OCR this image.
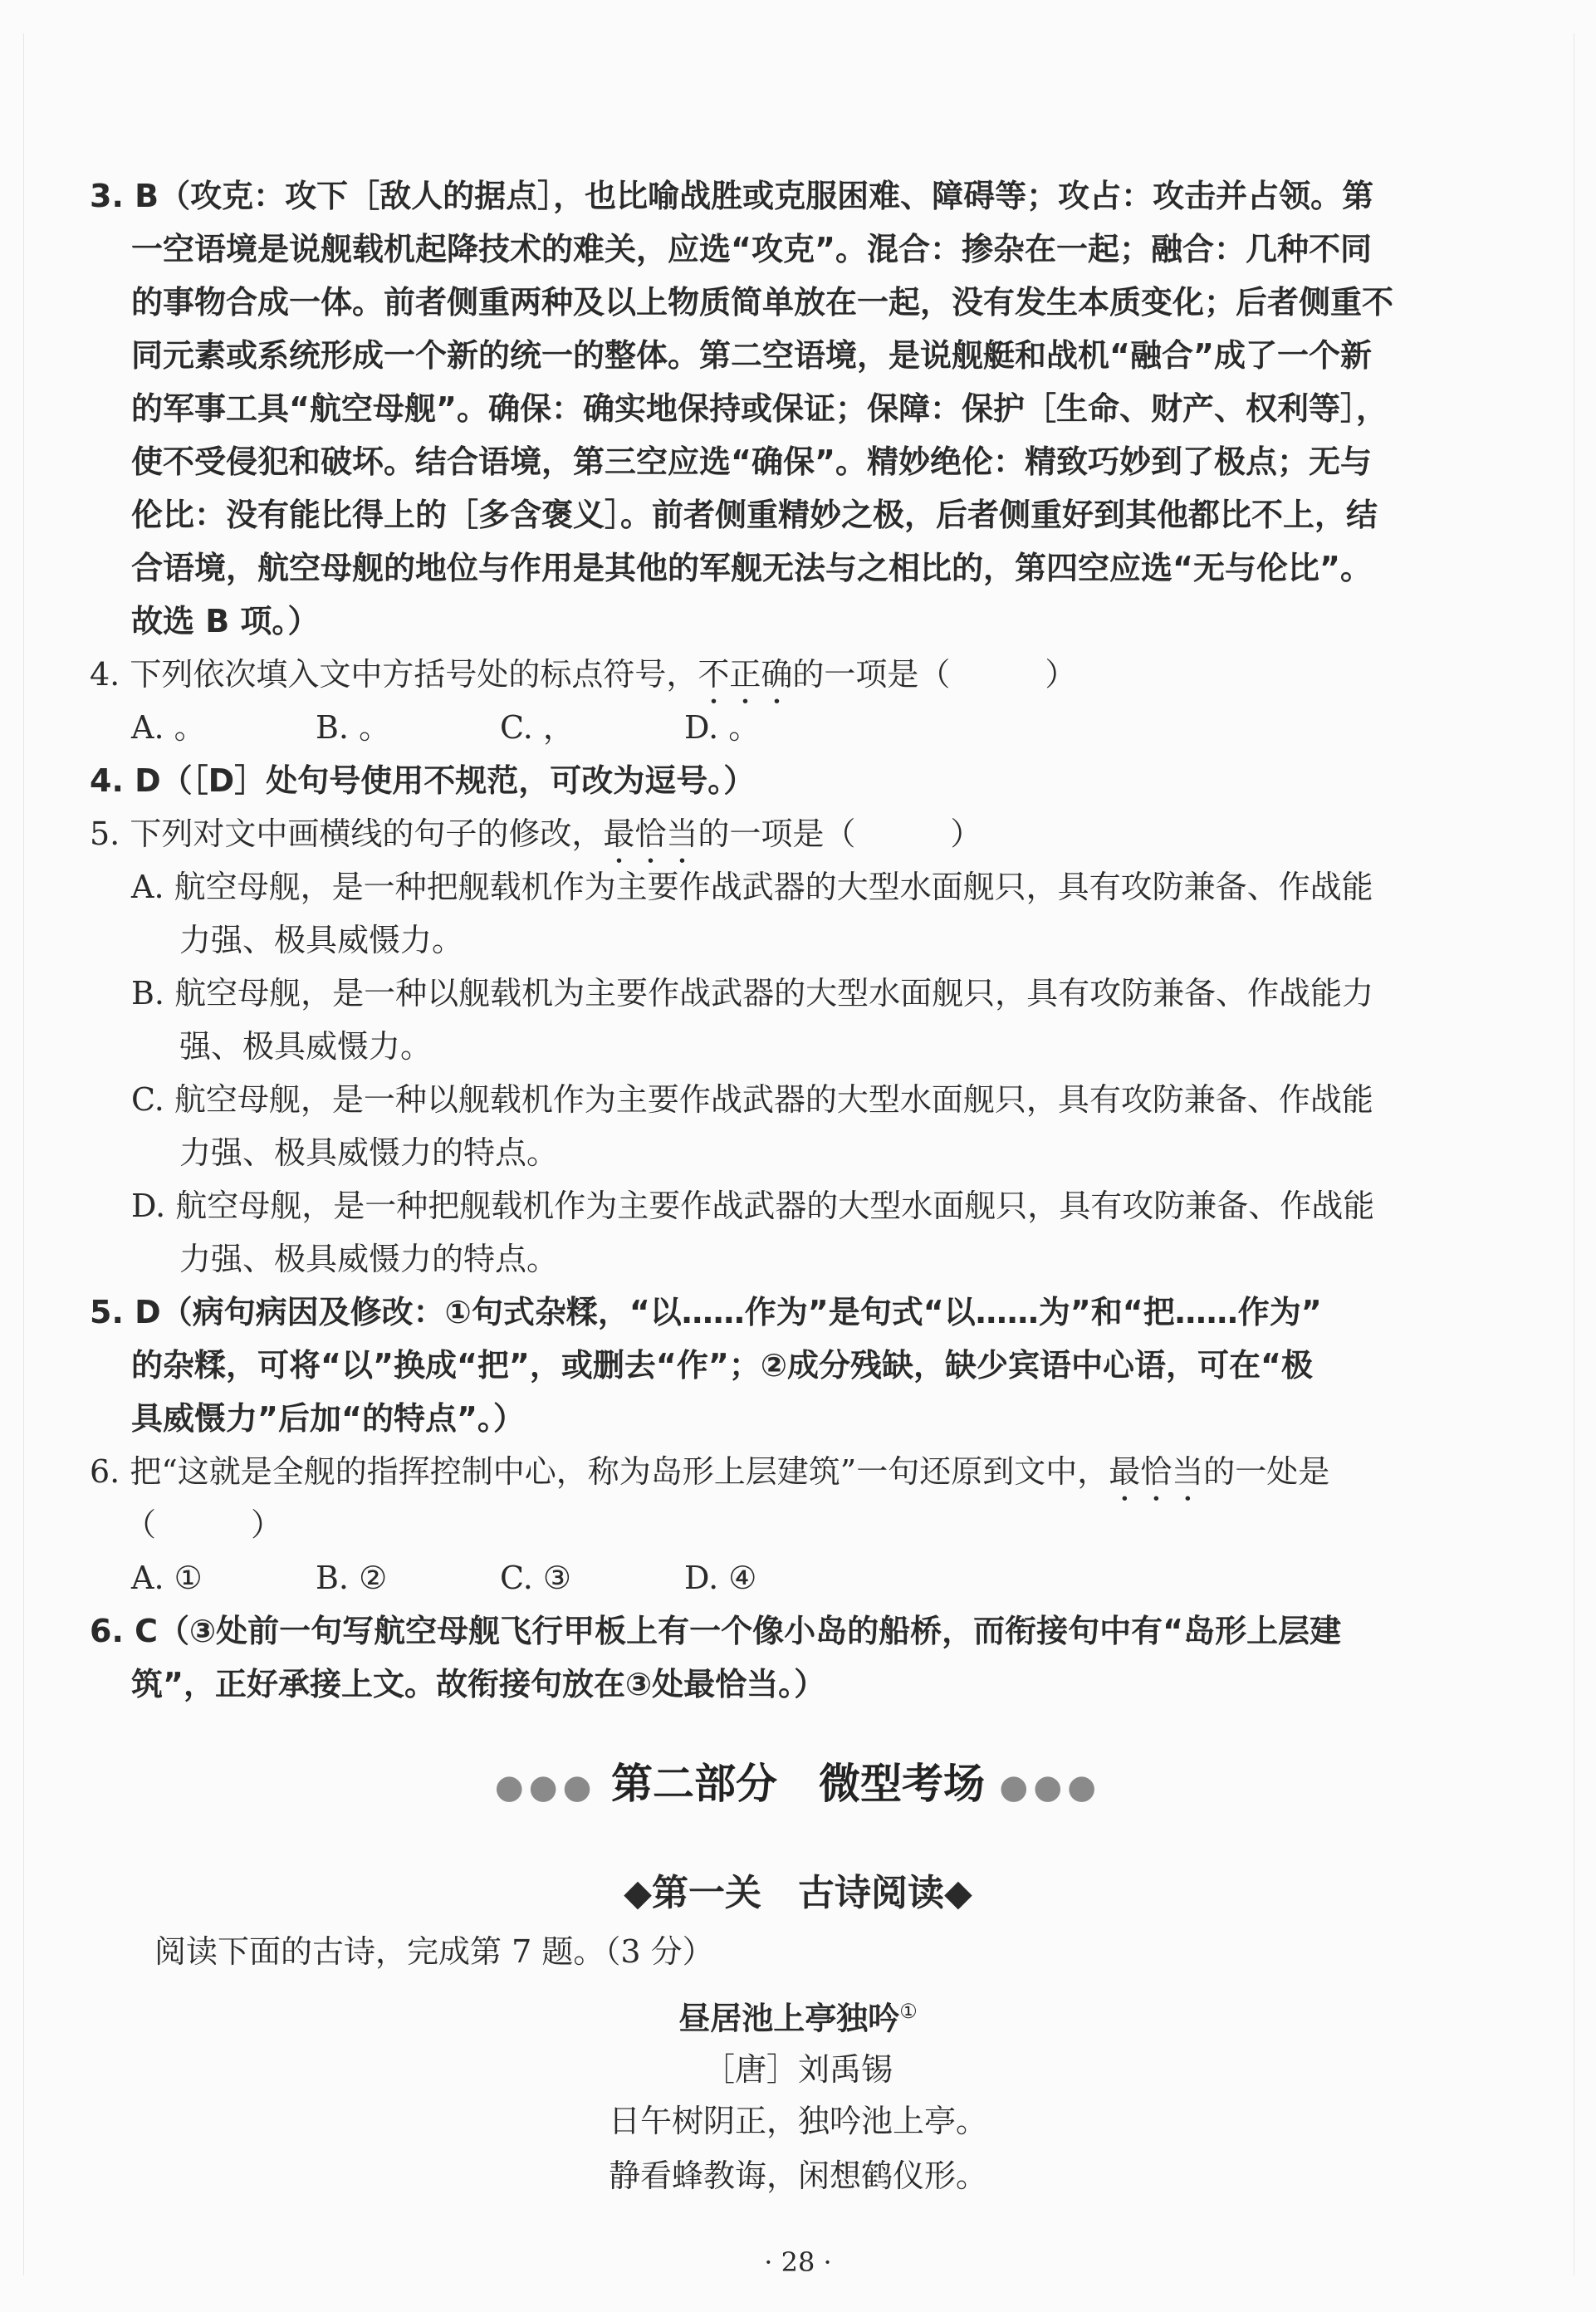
3. B（攻克：攻下［敌人的据点］，也比喻战胜或克服困难、障碍等；攻占：攻击并占领。第
一空语境是说舰载机起降技术的难关，应选“攻克”。混合：掺杂在一起；融合：几种不同
的事物合成一体。前者侧重两种及以上物质简单放在一起，没有发生本质变化；后者侧重不
同元素或系统形成一个新的统一的整体。第二空语境，是说舰艇和战机“融合”成了一个新
的军事工具“航空母舰”。确保：确实地保持或保证；保障：保护［生命、财产、权利等］，
使不受侵犯和破坏。结合语境，第三空应选“确保”。精妙绝伦：精致巧妙到了极点；无与
伦比：没有能比得上的［多含褒义］。前者侧重精妙之极，后者侧重好到其他都比不上，结
合语境，航空母舰的地位与作用是其他的军舰无法与之相比的，第四空应选“无与伦比”。
故选 B 项。）
4. 下列依次填入文中方括号处的标点符号，不正确的一项是（　　　）
A. 。	B. 。	C. ，	D. 。
4. D（［D］处句号使用不规范，可改为逗号。）
5. 下列对文中画横线的句子的修改，最恰当的一项是（　　　）
A. 航空母舰，是一种把舰载机作为主要作战武器的大型水面舰只，具有攻防兼备、作战能
力强、极具威慑力。
B. 航空母舰，是一种以舰载机为主要作战武器的大型水面舰只，具有攻防兼备、作战能力
强、极具威慑力。
C. 航空母舰，是一种以舰载机作为主要作战武器的大型水面舰只，具有攻防兼备、作战能
力强、极具威慑力的特点。
D. 航空母舰，是一种把舰载机作为主要作战武器的大型水面舰只，具有攻防兼备、作战能
力强、极具威慑力的特点。
5. D（病句病因及修改：①句式杂糅，“以……作为”是句式“以……为”和“把……作为”
的杂糅，可将“以”换成“把”，或删去“作”；②成分残缺，缺少宾语中心语，可在“极
具威慑力”后加“的特点”。）
6. 把“这就是全舰的指挥控制中心，称为岛形上层建筑”一句还原到文中，最恰当的一处是
（　　　）
A. ①	B. ②	C. ③	D. ④
6. C（③处前一句写航空母舰飞行甲板上有一个像小岛的船桥，而衔接句中有“岛形上层建
筑”，正好承接上文。故衔接句放在③处最恰当。）
●●● 第二部分　微型考场 ●●●
◆第一关　古诗阅读◆
阅读下面的古诗，完成第 7 题。（3 分）
昼居池上亭独吟①
［唐］刘禹锡
日午树阴正，独吟池上亭。
静看蜂教诲，闲想鹤仪形。
· 28 ·
